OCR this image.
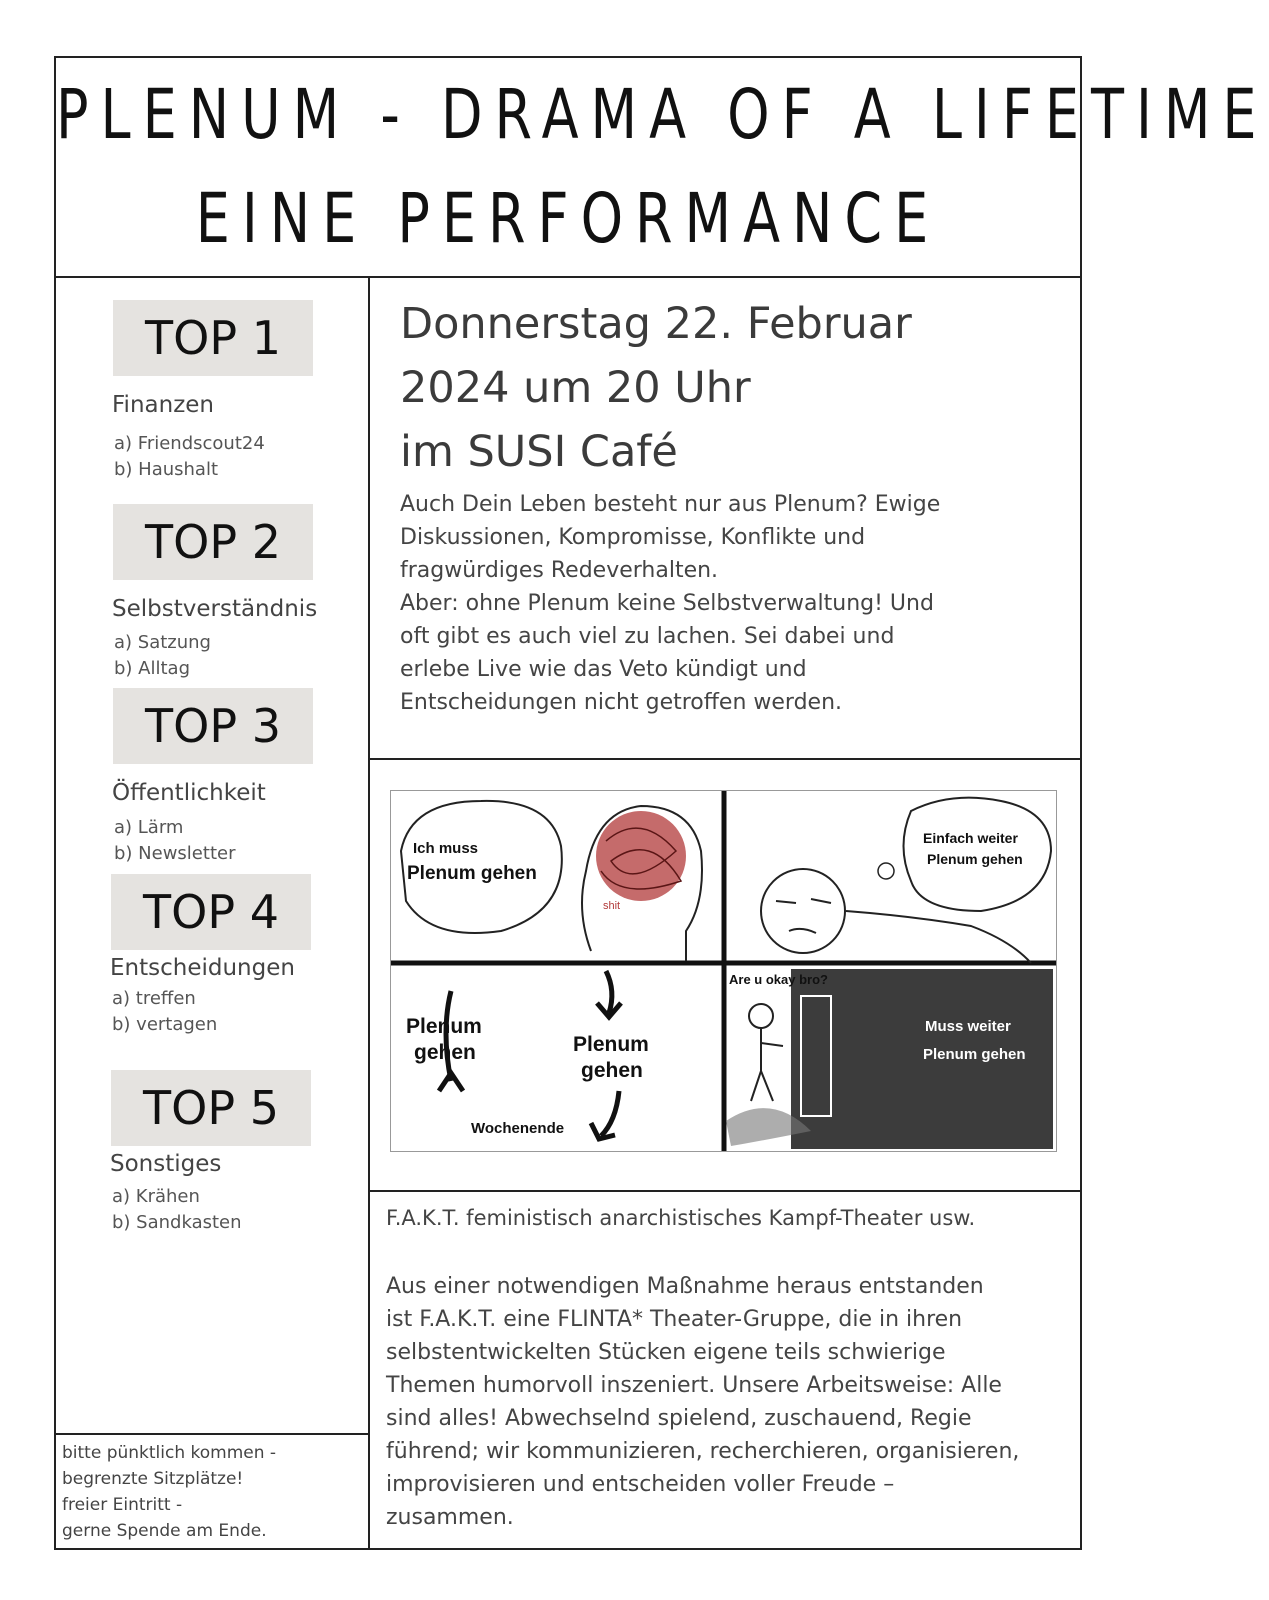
PLENUM - DRAMA OF A LIFETIME
EINE PERFORMANCE
TOP 1
Finanzen
a) Friendscout24
b) Haushalt
TOP 2
Selbstverständnis
a) Satzung
b) Alltag
TOP 3
Öffentlichkeit
a) Lärm
b) Newsletter
TOP 4
Entscheidungen
a) treffen
b) vertagen
TOP 5
Sonstiges
a) Krähen
b) Sandkasten
Donnerstag 22. Februar
2024 um 20 Uhr
im SUSI Café
Auch Dein Leben besteht nur aus Plenum? Ewige
Diskussionen, Kompromisse, Konflikte und
fragwürdiges Redeverhalten.
Aber: ohne Plenum keine Selbstverwaltung! Und
oft gibt es auch viel zu lachen. Sei dabei und
erlebe Live wie das Veto kündigt und
Entscheidungen nicht getroffen werden.
Ich muss
Plenum gehen
shit
Einfach weiter
Plenum gehen
Plenum
gehen	Plenum
gehen
Wochenende
Are u okay bro?
Muss weiter
Plenum gehen
F.A.K.T. feministisch anarchistisches Kampf-Theater usw.
Aus einer notwendigen Maßnahme heraus entstanden
ist F.A.K.T. eine FLINTA* Theater-Gruppe, die in ihren
selbstentwickelten Stücken eigene teils schwierige
Themen humorvoll inszeniert. Unsere Arbeitsweise: Alle
sind alles! Abwechselnd spielend, zuschauend, Regie
führend; wir kommunizieren, recherchieren, organisieren,
improvisieren und entscheiden voller Freude –
zusammen.
bitte pünktlich kommen -
begrenzte Sitzplätze!
freier Eintritt -
gerne Spende am Ende.
